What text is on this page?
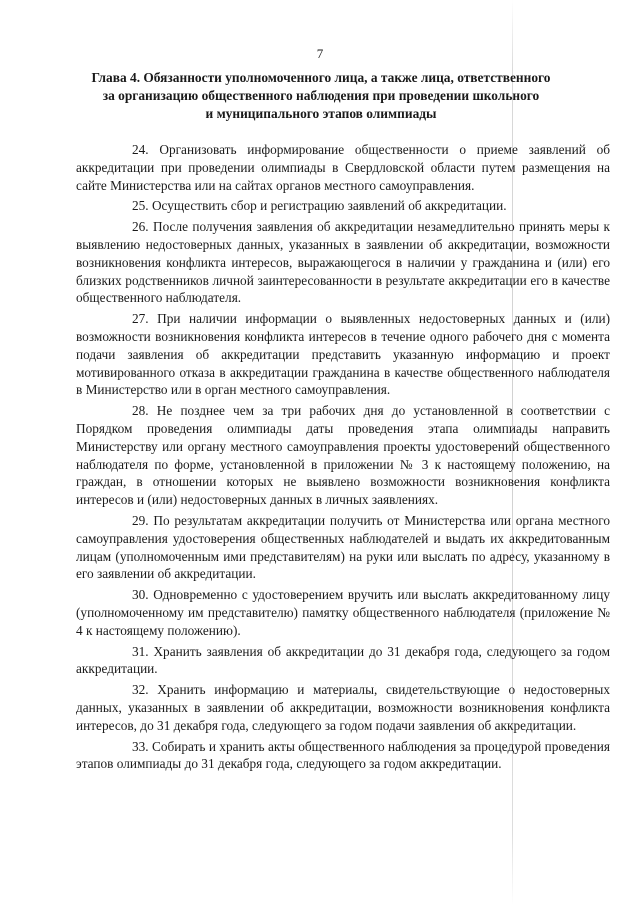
7
Глава 4. Обязанности уполномоченного лица, а также лица, ответственного
за организацию общественного наблюдения при проведении школьного
и муниципального этапов олимпиады
24. Организовать информирование общественности о приеме заявлений об аккредитации при проведении олимпиады в Свердловской области путем размещения на сайте Министерства или на сайтах органов местного самоуправления.
25. Осуществить сбор и регистрацию заявлений об аккредитации.
26. После получения заявления об аккредитации незамедлительно принять меры к выявлению недостоверных данных, указанных в заявлении об аккредитации, возможности возникновения конфликта интересов, выражающегося в наличии у гражданина и (или) его близких родственников личной заинтересованности в результате аккредитации его в качестве общественного наблюдателя.
27. При наличии информации о выявленных недостоверных данных и (или) возможности возникновения конфликта интересов в течение одного рабочего дня с момента подачи заявления об аккредитации представить указанную информацию и проект мотивированного отказа в аккредитации гражданина в качестве общественного наблюдателя в Министерство или в орган местного самоуправления.
28. Не позднее чем за три рабочих дня до установленной в соответствии с Порядком проведения олимпиады даты проведения этапа олимпиады направить Министерству или органу местного самоуправления проекты удостоверений общественного наблюдателя по форме, установленной в приложении № 3 к настоящему положению, на граждан, в отношении которых не выявлено возможности возникновения конфликта интересов и (или) недостоверных данных в личных заявлениях.
29. По результатам аккредитации получить от Министерства или органа местного самоуправления удостоверения общественных наблюдателей и выдать их аккредитованным лицам (уполномоченным ими представителям) на руки или выслать по адресу, указанному в его заявлении об аккредитации.
30. Одновременно с удостоверением вручить или выслать аккредитованному лицу (уполномоченному им представителю) памятку общественного наблюдателя (приложение № 4 к настоящему положению).
31. Хранить заявления об аккредитации до 31 декабря года, следующего за годом аккредитации.
32. Хранить информацию и материалы, свидетельствующие о недостоверных данных, указанных в заявлении об аккредитации, возможности возникновения конфликта интересов, до 31 декабря года, следующего за годом подачи заявления об аккредитации.
33. Собирать и хранить акты общественного наблюдения за процедурой проведения этапов олимпиады до 31 декабря года, следующего за годом аккредитации.
